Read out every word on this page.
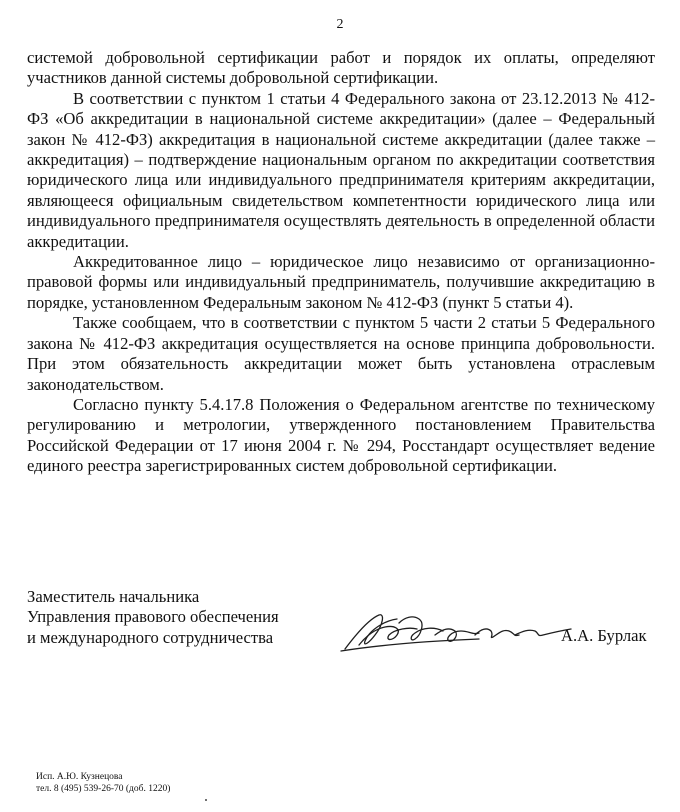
2

системой добровольной сертификации работ и порядок их оплаты, определяют участников данной системы добровольной сертификации.

В соответствии с пунктом 1 статьи 4 Федерального закона от 23.12.2013 № 412-ФЗ «Об аккредитации в национальной системе аккредитации» (далее – Федеральный закон № 412-ФЗ) аккредитация в национальной системе аккредитации (далее также – аккредитация) – подтверждение национальным органом по аккредитации соответствия юридического лица или индивидуального предпринимателя критериям аккредитации, являющееся официальным свидетельством компетентности юридического лица или индивидуального предпринимателя осуществлять деятельность в определенной области аккредитации.

Аккредитованное лицо – юридическое лицо независимо от организационно-правовой формы или индивидуальный предприниматель, получившие аккредитацию в порядке, установленном Федеральным законом № 412-ФЗ (пункт 5 статьи 4).

Также сообщаем, что в соответствии с пунктом 5 части 2 статьи 5 Федерального закона № 412-ФЗ аккредитация осуществляется на основе принципа добровольности. При этом обязательность аккредитации может быть установлена отраслевым законодательством.

Согласно пункту 5.4.17.8 Положения о Федеральном агентстве по техническому регулированию и метрологии, утвержденного постановлением Правительства Российской Федерации от 17 июня 2004 г. № 294, Росстандарт осуществляет ведение единого реестра зарегистрированных систем добровольной сертификации.

Заместитель начальника
Управления правового обеспечения
и международного сотрудничества	А.А. Бурлак
Исп. А.Ю. Кузнецова
тел. 8 (495) 539-26-70 (доб. 1220)
